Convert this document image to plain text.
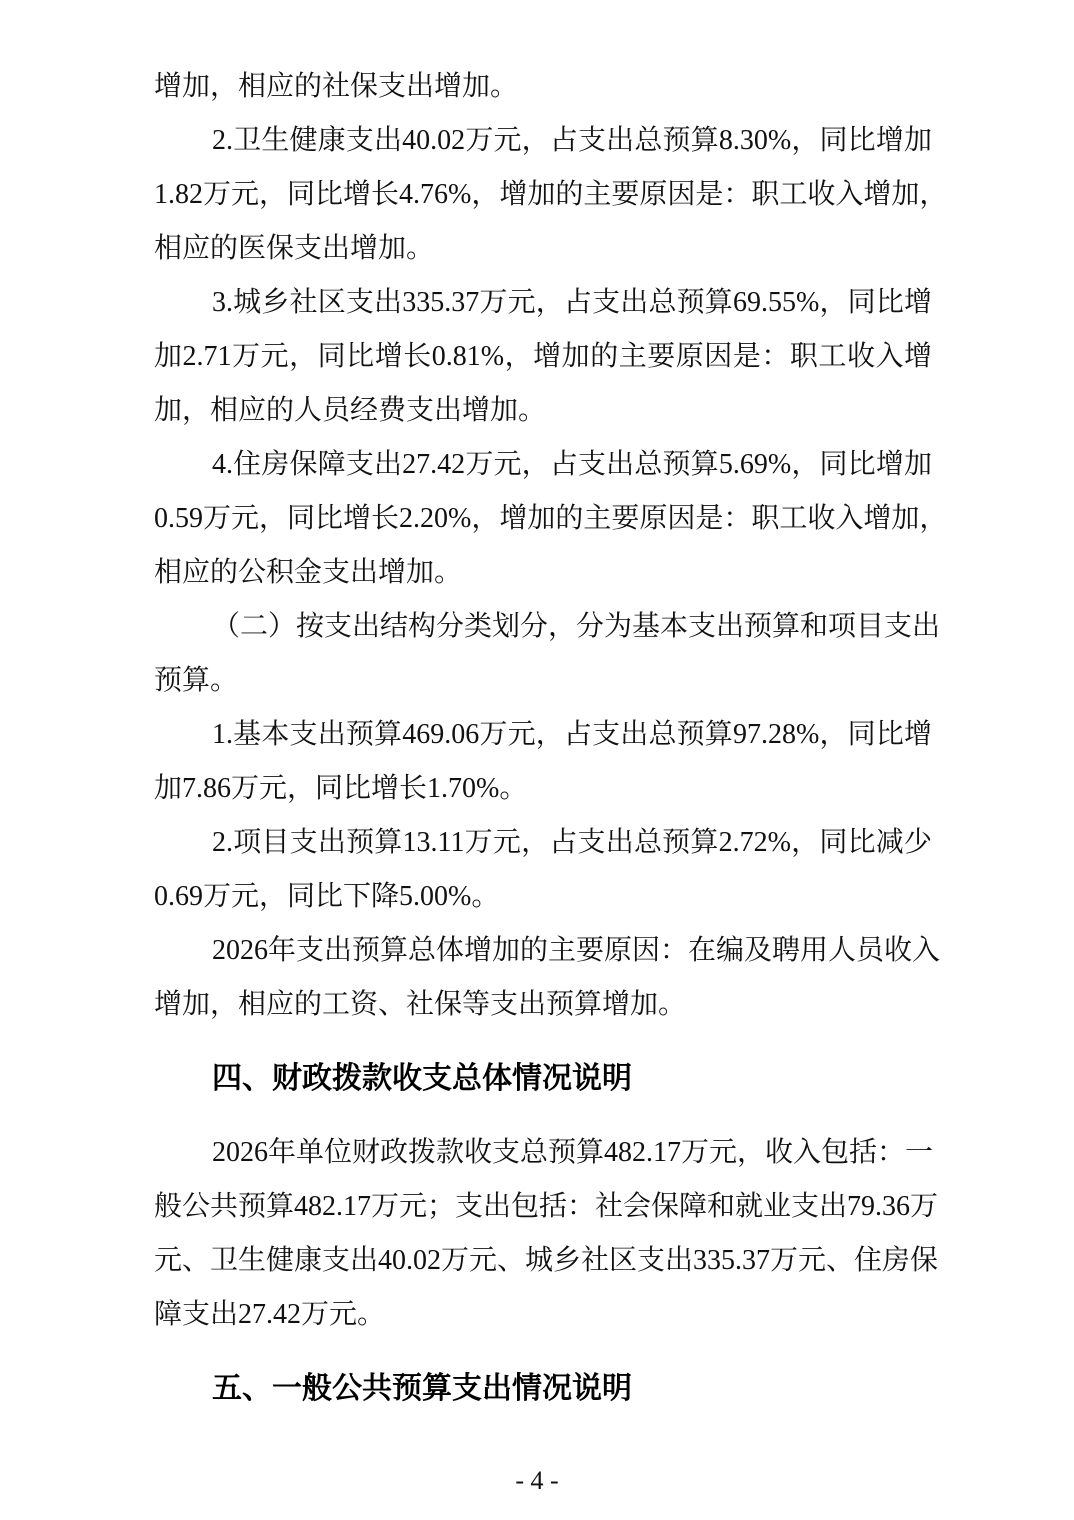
增加，相应的社保支出增加。
2.卫生健康支出40.02万元，占支出总预算8.30%，同比增加
1.82万元，同比增长4.76%，增加的主要原因是：职工收入增加，
相应的医保支出增加。
3.城乡社区支出335.37万元，占支出总预算69.55%，同比增
加2.71万元，同比增长0.81%，增加的主要原因是：职工收入增
加，相应的人员经费支出增加。
4.住房保障支出27.42万元，占支出总预算5.69%，同比增加
0.59万元，同比增长2.20%，增加的主要原因是：职工收入增加，
相应的公积金支出增加。
（二）按支出结构分类划分，分为基本支出预算和项目支出
预算。
1.基本支出预算469.06万元，占支出总预算97.28%，同比增
加7.86万元，同比增长1.70%。
2.项目支出预算13.11万元，占支出总预算2.72%，同比减少
0.69万元，同比下降5.00%。
2026年支出预算总体增加的主要原因：在编及聘用人员收入
增加，相应的工资、社保等支出预算增加。
四、财政拨款收支总体情况说明
2026年单位财政拨款收支总预算482.17万元，收入包括：一
般公共预算482.17万元；支出包括：社会保障和就业支出79.36万
元、卫生健康支出40.02万元、城乡社区支出335.37万元、住房保
障支出27.42万元。
五、一般公共预算支出情况说明
- 4 -
